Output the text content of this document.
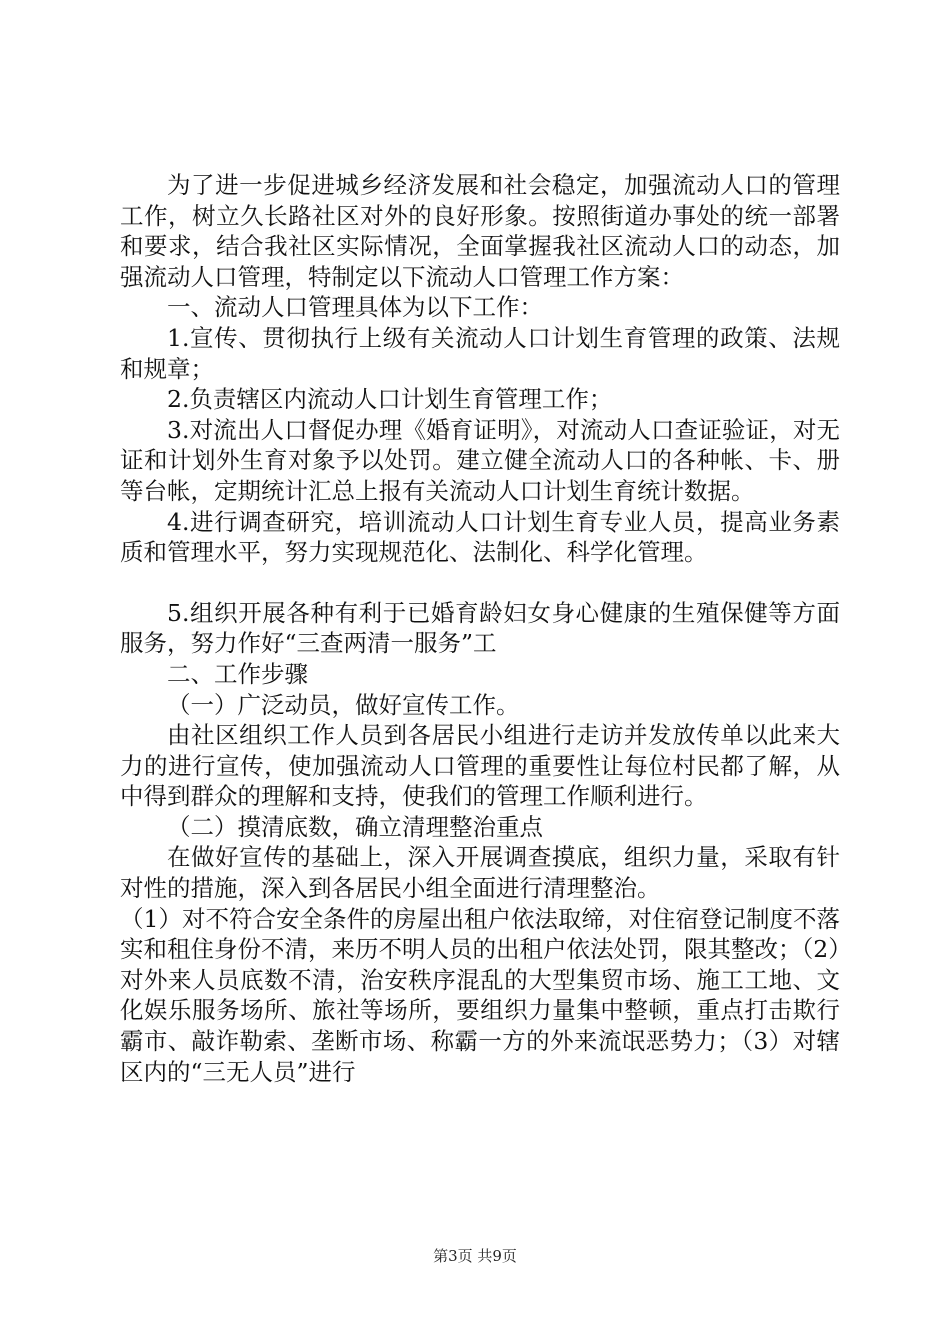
为了进一步促进城乡经济发展和社会稳定，加强流动人口的管理工作，树立久长路社区对外的良好形象。按照街道办事处的统一部署和要求，结合我社区实际情况，全面掌握我社区流动人口的动态，加强流动人口管理，特制定以下流动人口管理工作方案：

一、流动人口管理具体为以下工作：

1.宣传、贯彻执行上级有关流动人口计划生育管理的政策、法规和规章；

2.负责辖区内流动人口计划生育管理工作；

3.对流出人口督促办理《婚育证明》，对流动人口查证验证，对无证和计划外生育对象予以处罚。建立健全流动人口的各种帐、卡、册等台帐，定期统计汇总上报有关流动人口计划生育统计数据。

4.进行调查研究，培训流动人口计划生育专业人员，提高业务素质和管理水平，努力实现规范化、法制化、科学化管理。

5.组织开展各种有利于已婚育龄妇女身心健康的生殖保健等方面服务，努力作好“三查两清一服务”工

二、工作步骤

（一）广泛动员，做好宣传工作。

由社区组织工作人员到各居民小组进行走访并发放传单以此来大力的进行宣传，使加强流动人口管理的重要性让每位村民都了解，从中得到群众的理解和支持，使我们的管理工作顺利进行。

（二）摸清底数，确立清理整治重点

在做好宣传的基础上，深入开展调查摸底，组织力量，采取有针对性的措施，深入到各居民小组全面进行清理整治。

（1）对不符合安全条件的房屋出租户依法取缔，对住宿登记制度不落实和租住身份不清，来历不明人员的出租户依法处罚，限其整改；（2）对外来人员底数不清，治安秩序混乱的大型集贸市场、施工工地、文化娱乐服务场所、旅社等场所，要组织力量集中整顿，重点打击欺行霸市、敲诈勒索、垄断市场、称霸一方的外来流氓恶势力；（3）对辖区内的“三无人员”进行

第3页 共9页
